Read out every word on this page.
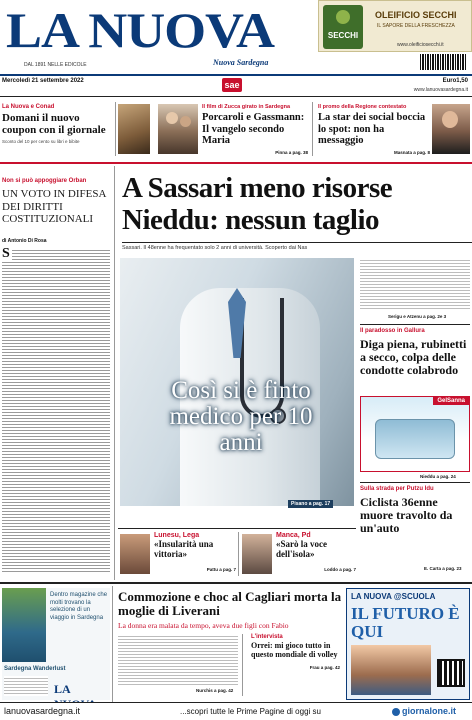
LA NUOVA
DAL 1891 NELLE EDICOLE	Nuova Sardegna
SECCHI
OLEIFICIO SECCHI
IL SAPORE DELLA FRESCHEZZA
www.oleificiosecchi.it
Mercoledì 21 settembre 2022	sae	Euro1,50
www.lanuovasardegna.it
La Nuova e Conad
Domani il nuovo coupon con il giornale
Sconto del 10 per cento su libri e bibite
Il film di Zucca girato in Sardegna
Porcaroli e Gassmann: Il vangelo secondo Maria
Pinna a pag. 38
Il promo della Regione contestato
La star dei social boccia lo spot: non ha messaggio
Masnata a pag. 8
Non si può appoggiare Orban
UN VOTO IN DIFESA DEI DIRITTI COSTITUZIONALI
di Antonio Di Rosa
S
A Sassari meno risorse Nieddu: nessun taglio
Sassari. Il 48enne ha frequentato solo 2 anni di università. Scoperto dai Nas
Così si è finto medico per 10 anni
Pisano a pag. 17
Serigu e Atzenu a pag. 2e 3
Il paradosso in Gallura
Diga piena, rubinetti a secco, colpa delle condotte colabrodo
GelSanna
Nieddu a pag. 24
Sulla strada per Putzu Idu
Ciclista 36enne muore travolto da un'auto
E. Carta a pag. 23
Lunesu, Lega
«Insularità una vittoria»
Pattu a pag. 7
Manca, Pd
«Sarò la voce dell'isola»
Loddo a pag. 7
Dentro magazine che molti trovano la selezione di un viaggio in Sardegna
Sardegna Wanderlust
LA
Commozione e choc al Cagliari morta la moglie di Liverani
La donna era malata da tempo, aveva due figli con Fabio
Nurchis a pag. 42
L'intervista
Orrei: mi gioco tutto in questo mondiale di volley
Frau a pag. 42
LA NUOVA @SCUOLA
IL FUTURO È QUI
lanuovasardegna.it	...scopri tutte le Prime Pagine di oggi su	giornalone.it
